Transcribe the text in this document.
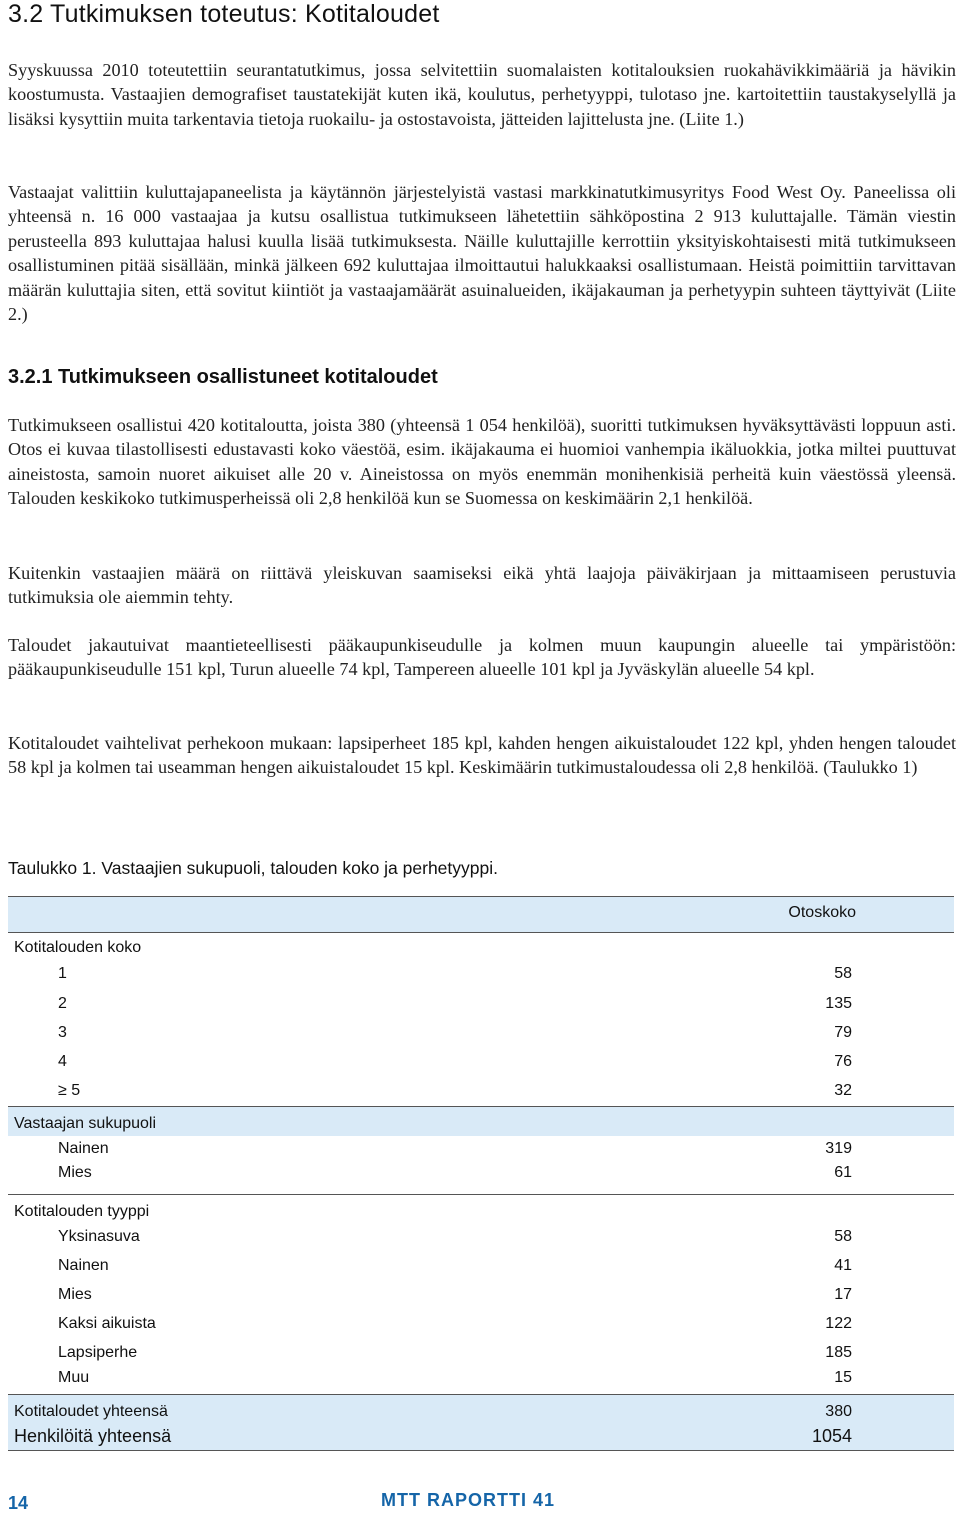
3.2 Tutkimuksen toteutus: Kotitaloudet
Syyskuussa 2010 toteutettiin seurantatutkimus, jossa selvitettiin suomalaisten kotitalouksien ruokahävikkimääriä ja hävikin koostumusta. Vastaajien demografiset taustatekijät kuten ikä, koulutus, perhetyyppi, tulotaso jne. kartoitettiin taustakyselyllä ja lisäksi kysyttiin muita tarkentavia tietoja ruokailu- ja ostostavoista, jätteiden lajittelusta jne. (Liite 1.)
Vastaajat valittiin kuluttajapaneelista ja käytännön järjestelyistä vastasi markkinatutkimusyritys Food West Oy. Paneelissa oli yhteensä n. 16 000 vastaajaa ja kutsu osallistua tutkimukseen lähetettiin sähköpostina 2 913 kuluttajalle. Tämän viestin perusteella 893 kuluttajaa halusi kuulla lisää tutkimuksesta. Näille kuluttajille kerrottiin yksityiskohtaisesti mitä tutkimukseen osallistuminen pitää sisällään, minkä jälkeen 692 kuluttajaa ilmoittautui halukkaaksi osallistumaan. Heistä poimittiin tarvittavan määrän kuluttajia siten, että sovitut kiintiöt ja vastaajamäärät asuinalueiden, ikäjakauman ja perhetyypin suhteen täyttyivät (Liite 2.)
3.2.1 Tutkimukseen osallistuneet kotitaloudet
Tutkimukseen osallistui 420 kotitaloutta, joista 380 (yhteensä 1 054 henkilöä), suoritti tutkimuksen hyväksyttävästi loppuun asti. Otos ei kuvaa tilastollisesti edustavasti koko väestöä, esim. ikäjakauma ei huomioi vanhempia ikäluokkia, jotka miltei puuttuvat aineistosta, samoin nuoret aikuiset alle 20 v. Aineistossa on myös enemmän monihenkisiä perheitä kuin väestössä yleensä. Talouden keskikoko tutkimusperheissä oli 2,8 henkilöä kun se Suomessa on keskimäärin 2,1 henkilöä.
Kuitenkin vastaajien määrä on riittävä yleiskuvan saamiseksi eikä yhtä laajoja päiväkirjaan ja mittaamiseen perustuvia tutkimuksia ole aiemmin tehty.
Taloudet jakautuivat maantieteellisesti pääkaupunkiseudulle ja kolmen muun kaupungin alueelle tai ympäristöön: pääkaupunkiseudulle 151 kpl, Turun alueelle 74 kpl, Tampereen alueelle 101 kpl ja Jyväskylän alueelle 54 kpl.
Kotitaloudet vaihtelivat perhekoon mukaan: lapsiperheet 185 kpl, kahden hengen aikuistaloudet 122 kpl, yhden hengen taloudet 58 kpl ja kolmen tai useamman hengen aikuistaloudet 15 kpl. Keskimäärin tutkimustaloudessa oli 2,8 henkilöä. (Taulukko 1)
Taulukko 1. Vastaajien sukupuoli, talouden koko ja perhetyyppi.
Otoskoko
Kotitalouden koko
1	58
2	135
3	79
4	76
≥ 5	32
Vastaajan sukupuoli
Nainen	319
Mies	61
Kotitalouden tyyppi
Yksinasuva	58
Nainen	41
Mies	17
Kaksi aikuista	122
Lapsiperhe	185
Muu	15
Kotitaloudet yhteensä	380
Henkilöitä yhteensä	1054
14	MTT RAPORTTI 41
